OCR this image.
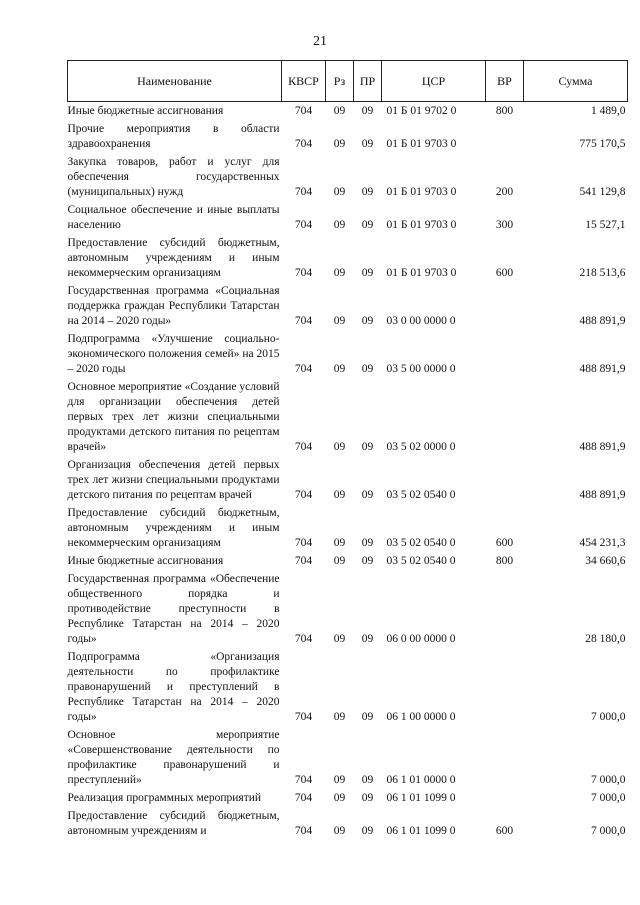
21
Наименование	КВСР	Рз	ПР	ЦСР	ВР	Сумма
Иные бюджетные ассигнования	704	09	09	01 Б 01 9702 0	800	1 489,0
Прочие мероприятия в области здравоохранения	704	09	09	01 Б 01 9703 0		775 170,5
Закупка товаров, работ и услуг для обеспечения государственных (муниципальных) нужд	704	09	09	01 Б 01 9703 0	200	541 129,8
Социальное обеспечение и иные выплаты населению	704	09	09	01 Б 01 9703 0	300	15 527,1
Предоставление субсидий бюджетным, автономным учреждениям и иным некоммерческим организациям	704	09	09	01 Б 01 9703 0	600	218 513,6
Государственная программа «Социальная поддержка граждан Республики Татарстан на 2014 – 2020 годы»	704	09	09	03 0 00 0000 0		488 891,9
Подпрограмма «Улучшение социально-экономического положения семей» на 2015 – 2020 годы	704	09	09	03 5 00 0000 0		488 891,9
Основное мероприятие «Создание условий для организации обеспечения детей первых трех лет жизни специальными продуктами детского питания по рецептам врачей»	704	09	09	03 5 02 0000 0		488 891,9
Организация обеспечения детей первых трех лет жизни специальными продуктами детского питания по рецептам врачей	704	09	09	03 5 02 0540 0		488 891,9
Предоставление субсидий бюджетным, автономным учреждениям и иным некоммерческим организациям	704	09	09	03 5 02 0540 0	600	454 231,3
Иные бюджетные ассигнования	704	09	09	03 5 02 0540 0	800	34 660,6
Государственная программа «Обеспечение общественного порядка и противодействие преступности в Республике Татарстан на 2014 – 2020 годы»	704	09	09	06 0 00 0000 0		28 180,0
Подпрограмма «Организация деятельности по профилактике правонарушений и преступлений в Республике Татарстан на 2014 – 2020 годы»	704	09	09	06 1 00 0000 0		7 000,0
Основное мероприятие «Совершенствование деятельности по профилактике правонарушений и преступлений»	704	09	09	06 1 01 0000 0		7 000,0
Реализация программных мероприятий	704	09	09	06 1 01 1099 0		7 000,0
Предоставление субсидий бюджетным, автономным учреждениям и	704	09	09	06 1 01 1099 0	600	7 000,0
